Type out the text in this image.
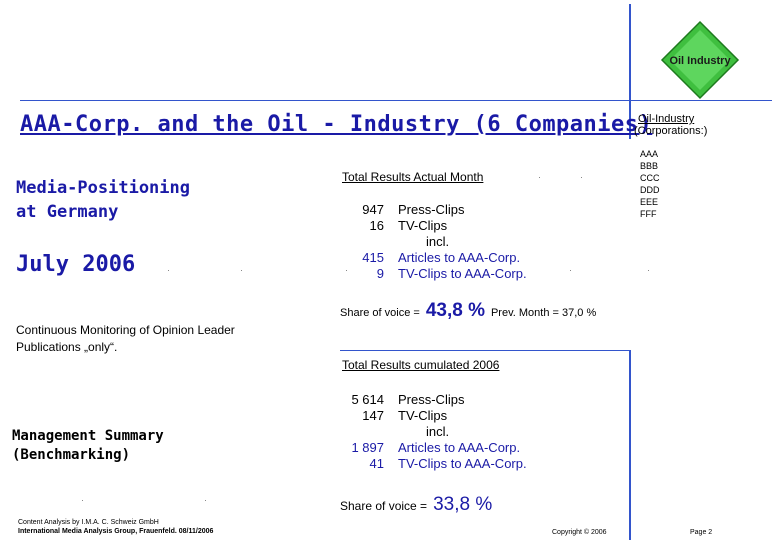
Oil Industry
AAA-Corp. and the Oil - Industry (6 Companies)
Oil-Industry
(Corporations:)
AAA
BBB
CCC
DDD
EEE
FFF
Media-Positioning
at Germany
July 2006
Continuous Monitoring of Opinion Leader
Publications „only“.
Management Summary
(Benchmarking)
Total Results Actual Month
947 Press-Clips
16 TV-Clips
incl.
415 Articles to AAA-Corp.
9 TV-Clips to AAA-Corp.
Share of voice = 43,8 % Prev. Month = 37,0 %
Total Results cumulated 2006
5 614 Press-Clips
147 TV-Clips
incl.
1 897 Articles to AAA-Corp.
41 TV-Clips to AAA-Corp.
Share of voice = 33,8 %
Content Analysis by I.M.A. C. Schweiz GmbH
International Media Analysis Group, Frauenfeld. 08/11/2006	Copyright © 2006	Page 2
